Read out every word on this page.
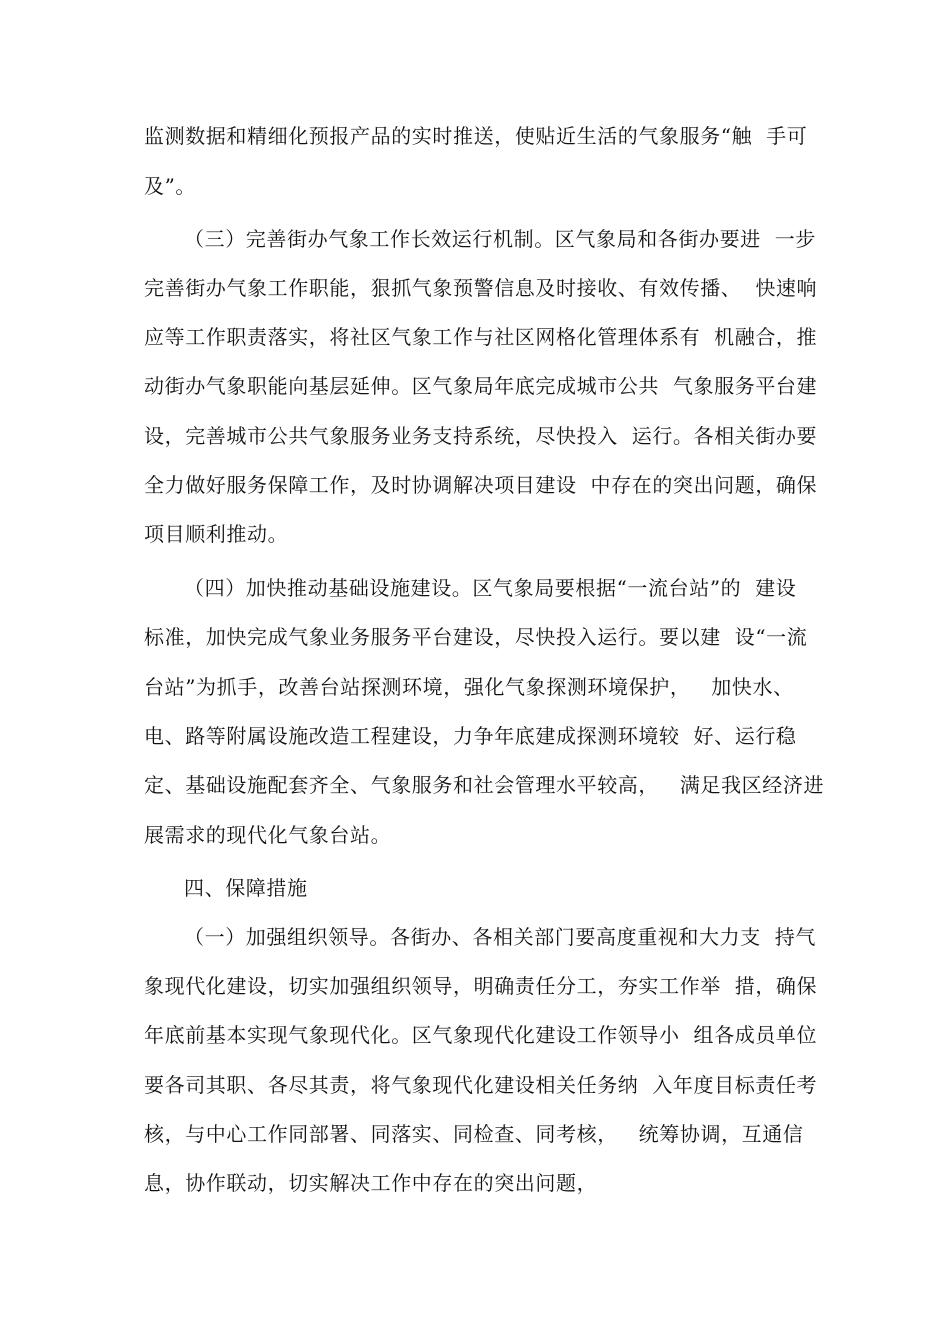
监测数据和精细化预报产品的实时推送，使贴近生活的气象服务“触  手可
及”。
（三）完善街办气象工作长效运行机制。区气象局和各街办要进  一步
完善街办气象工作职能，狠抓气象预警信息及时接收、有效传播、  快速响
应等工作职责落实，将社区气象工作与社区网格化管理体系有  机融合，推
动街办气象职能向基层延伸。区气象局年底完成城市公共  气象服务平台建
设，完善城市公共气象服务业务支持系统，尽快投入  运行。各相关街办要
全力做好服务保障工作，及时协调解决项目建设  中存在的突出问题，确保
项目顺利推动。
（四）加快推动基础设施建设。区气象局要根据“一流台站”的  建设
标准，加快完成气象业务服务平台建设，尽快投入运行。要以建  设“一流
台站”为抓手，改善台站探测环境，强化气象探测环境保护，   加快水、
电、路等附属设施改造工程建设，力争年底建成探测环境较  好、运行稳
定、基础设施配套齐全、气象服务和社会管理水平较高，   满足我区经济进
展需求的现代化气象台站。
四、保障措施
（一）加强组织领导。各街办、各相关部门要高度重视和大力支  持气
象现代化建设，切实加强组织领导，明确责任分工，夯实工作举  措，确保
年底前基本实现气象现代化。区气象现代化建设工作领导小  组各成员单位
要各司其职、各尽其责，将气象现代化建设相关任务纳  入年度目标责任考
核，与中心工作同部署、同落实、同检查、同考核，   统筹协调，互通信
息，协作联动，切实解决工作中存在的突出问题，
